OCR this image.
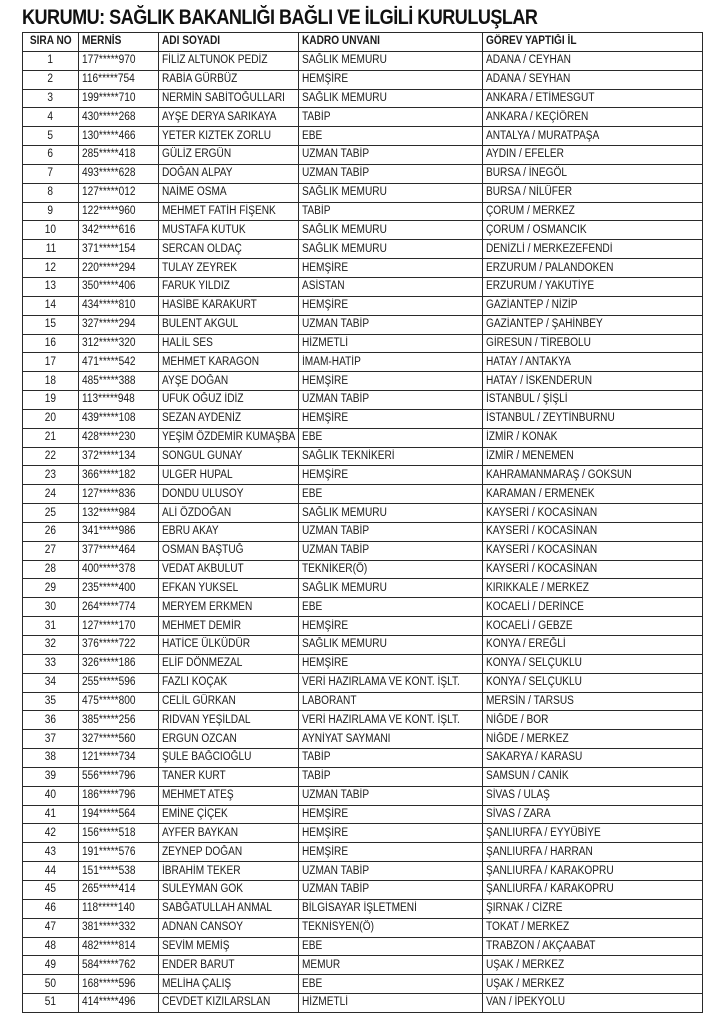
KURUMU: SAĞLIK BAKANLIĞI BAĞLI VE İLGİLİ KURULUŞLAR
SIRA NO	MERNİS	ADI SOYADI	KADRO UNVANI	GÖREV YAPTIĞI İL
1	177*****970	FİLİZ ALTUNOK PEDİZ	SAĞLIK MEMURU	ADANA / CEYHAN
2	116*****754	RABİA GÜRBÜZ	HEMŞİRE	ADANA / SEYHAN
3	199*****710	NERMİN SABİTOĞULLARI	SAĞLIK MEMURU	ANKARA / ETİMESGUT
4	430*****268	AYŞE DERYA SARIKAYA	TABİP	ANKARA / KEÇİÖREN
5	130*****466	YETER KIZTEK ZORLU	EBE	ANTALYA / MURATPAŞA
6	285*****418	GÜLİZ ERGÜN	UZMAN TABİP	AYDIN / EFELER
7	493*****628	DOĞAN ALPAY	UZMAN TABİP	BURSA / İNEGÖL
8	127*****012	NAİME OSMA	SAĞLIK MEMURU	BURSA / NİLÜFER
9	122*****960	MEHMET FATİH FİŞENK	TABİP	ÇORUM / MERKEZ
10	342*****616	MUSTAFA KÜTÜK	SAĞLIK MEMURU	ÇORUM / OSMANCIK
11	371*****154	SERCAN OLDAÇ	SAĞLIK MEMURU	DENİZLİ / MERKEZEFENDİ
12	220*****294	TÜLAY ZEYREK	HEMŞİRE	ERZURUM / PALANDÖKEN
13	350*****406	FARUK YILDIZ	ASİSTAN	ERZURUM / YAKUTİYE
14	434*****810	HASİBE KARAKURT	HEMŞİRE	GAZİANTEP / NİZİP
15	327*****294	BÜLENT AKGÜL	UZMAN TABİP	GAZİANTEP / ŞAHİNBEY
16	312*****320	HALİL SES	HİZMETLİ	GİRESUN / TİREBOLU
17	471*****542	MEHMET KARAGÖN	İMAM-HATİP	HATAY / ANTAKYA
18	485*****388	AYŞE DOĞAN	HEMŞİRE	HATAY / İSKENDERUN
19	113*****948	UFUK OĞUZ İDİZ	UZMAN TABİP	İSTANBUL / ŞİŞLİ
20	439*****108	SEZAN AYDENİZ	HEMŞİRE	İSTANBUL / ZEYTİNBURNU
21	428*****230	YEŞİM ÖZDEMİR KUMAŞBA	EBE	İZMİR / KONAK
22	372*****134	SONGÜL GÜNAY	SAĞLIK TEKNİKERİ	İZMİR / MENEMEN
23	366*****182	ÜLGER HUPAL	HEMŞİRE	KAHRAMANMARAŞ / GÖKSUN
24	127*****836	DÖNDÜ ULUSOY	EBE	KARAMAN / ERMENEK
25	132*****984	ALİ ÖZDOĞAN	SAĞLIK MEMURU	KAYSERİ / KOCASİNAN
26	341*****986	EBRU AKAY	UZMAN TABİP	KAYSERİ / KOCASİNAN
27	377*****464	OSMAN BAŞTUĞ	UZMAN TABİP	KAYSERİ / KOCASİNAN
28	400*****378	VEDAT AKBULUT	TEKNİKER(Ö)	KAYSERİ / KOCASİNAN
29	235*****400	EFKAN YÜKSEL	SAĞLIK MEMURU	KIRIKKALE / MERKEZ
30	264*****774	MERYEM ERKMEN	EBE	KOCAELİ / DERİNCE
31	127*****170	MEHMET DEMİR	HEMŞİRE	KOCAELİ / GEBZE
32	376*****722	HATİCE ÜLKÜDÜR	SAĞLIK MEMURU	KONYA / EREĞLİ
33	326*****186	ELİF DÖNMEZAL	HEMŞİRE	KONYA / SELÇUKLU
34	255*****596	FAZLI KOÇAK	VERİ HAZIRLAMA VE KONT. İŞLT.	KONYA / SELÇUKLU
35	475*****800	CELİL GÜRKAN	LABORANT	MERSİN / TARSUS
36	385*****256	RIDVAN YEŞİLDAL	VERİ HAZIRLAMA VE KONT. İŞLT.	NİĞDE / BOR
37	327*****560	ERGÜN ÖZCAN	AYNİYAT SAYMANI	NİĞDE / MERKEZ
38	121*****734	ŞULE BAĞCIOĞLU	TABİP	SAKARYA / KARASU
39	556*****796	TANER KURT	TABİP	SAMSUN / CANİK
40	186*****796	MEHMET ATEŞ	UZMAN TABİP	SİVAS / ULAŞ
41	194*****564	EMİNE ÇİÇEK	HEMŞİRE	SİVAS / ZARA
42	156*****518	AYFER BAYKAN	HEMŞİRE	ŞANLIURFA / EYYÜBİYE
43	191*****576	ZEYNEP DOĞAN	HEMŞİRE	ŞANLIURFA / HARRAN
44	151*****538	İBRAHİM TEKER	UZMAN TABİP	ŞANLIURFA / KARAKÖPRÜ
45	265*****414	SÜLEYMAN GÖK	UZMAN TABİP	ŞANLIURFA / KARAKÖPRÜ
46	118*****140	SABĞATULLAH ANMAL	BİLGİSAYAR İŞLETMENİ	ŞIRNAK / CİZRE
47	381*****332	ADNAN CANSOY	TEKNİSYEN(Ö)	TOKAT / MERKEZ
48	482*****814	SEVİM MEMİŞ	EBE	TRABZON / AKÇAABAT
49	584*****762	ENDER BARUT	MEMUR	UŞAK / MERKEZ
50	168*****596	MELİHA ÇALIŞ	EBE	UŞAK / MERKEZ
51	414*****496	CEVDET KIZILARSLAN	HİZMETLİ	VAN / İPEKYOLU
